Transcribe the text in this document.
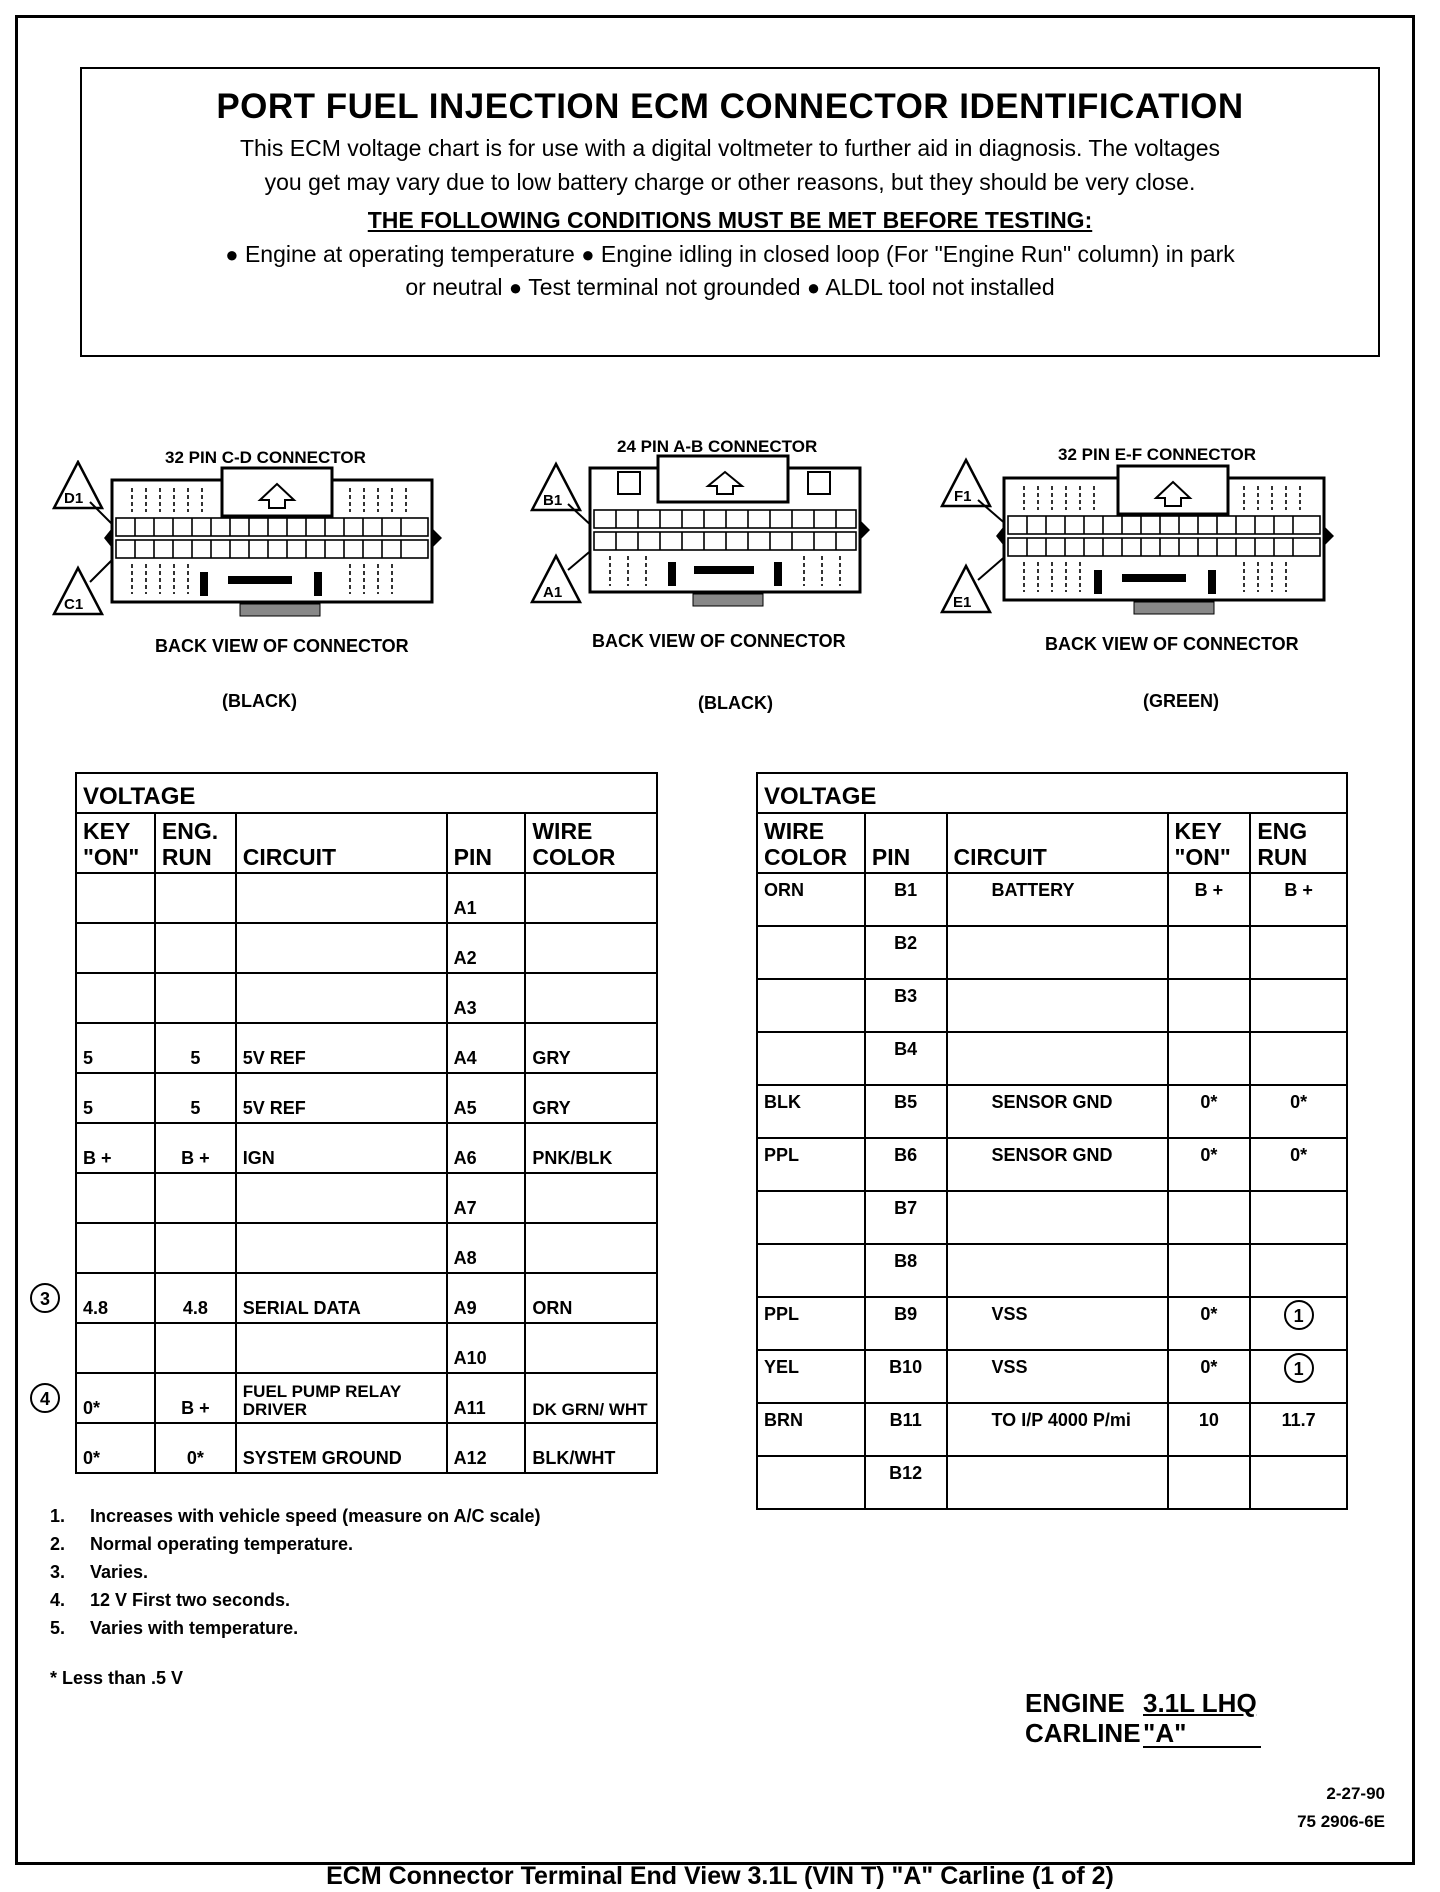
PORT FUEL INJECTION ECM CONNECTOR IDENTIFICATION
This ECM voltage chart is for use with a digital voltmeter to further aid in diagnosis. The voltages
you get may vary due to low battery charge or other reasons, but they should be very close.
THE FOLLOWING CONDITIONS MUST BE MET BEFORE TESTING:
● Engine at operating temperature ● Engine idling in closed loop (For "Engine Run" column) in park
or neutral ● Test terminal not grounded ● ALDL tool not installed
32 PIN C-D CONNECTOR
D1
C1
BACK VIEW OF CONNECTOR
(BLACK)
24 PIN A-B CONNECTOR
B1
A1
BACK VIEW OF CONNECTOR
(BLACK)
32 PIN E-F CONNECTOR
F1
E1
BACK VIEW OF CONNECTOR
(GREEN)
VOLTAGE				
KEY
"ON"	ENG.
RUN	CIRCUIT	PIN	WIRE
COLOR
			A1	
			A2	
			A3	
5	5	5V REF	A4	GRY
5	5	5V REF	A5	GRY
B +	B +	IGN	A6	PNK/BLK
			A7	
			A8	
4.8	4.8	SERIAL DATA	A9	ORN
			A10	
0*	B +	FUEL PUMP RELAY DRIVER	A11	DK GRN/ WHT
0*	0*	SYSTEM GROUND	A12	BLK/WHT
VOLTAGE				
WIRE
COLOR	PIN	CIRCUIT	KEY
"ON"	ENG
RUN
ORN	B1	BATTERY	B +	B +
	B2			
	B3			
	B4			
BLK	B5	SENSOR GND	0*	0*
PPL	B6	SENSOR GND	0*	0*
	B7			
	B8			
PPL	B9	VSS	0*	1
YEL	B10	VSS	0*	1
BRN	B11	TO I/P 4000 P/mi	10	11.7
	B12			
1. Increases with vehicle speed (measure on A/C scale)
2. Normal operating temperature.
3. Varies.
4. 12 V First two seconds.
5. Varies with temperature.
* Less than .5 V
ENGINE 3.1L LHQ
CARLINE"A"
2-27-90
75 2906-6E
ECM Connector Terminal End View 3.1L (VIN T) "A" Carline (1 of 2)
3
4
